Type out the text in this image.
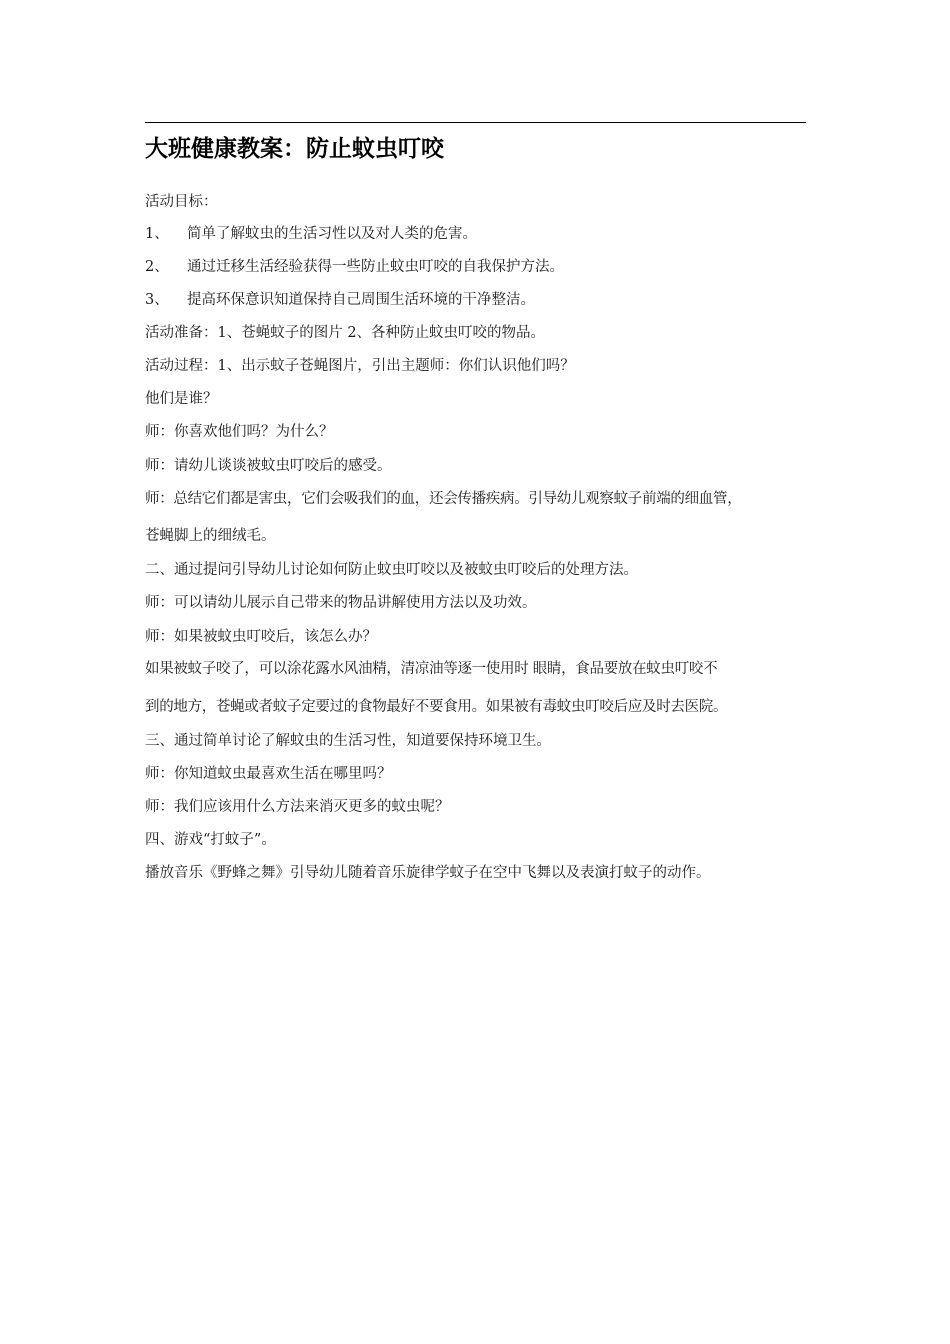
大班健康教案：防止蚊虫叮咬
活动目标：
1、 简单了解蚊虫的生活习性以及对人类的危害。
2、 通过迁移生活经验获得一些防止蚊虫叮咬的自我保护方法。
3、 提高环保意识知道保持自己周围生活环境的干净整洁。
活动准备：1、苍蝇蚊子的图片 2、各种防止蚊虫叮咬的物品。
活动过程：1、出示蚊子苍蝇图片，引出主题师：你们认识他们吗？
他们是谁？
师：你喜欢他们吗？为什么？
师：请幼儿谈谈被蚊虫叮咬后的感受。
师：总结它们都是害虫，它们会吸我们的血，还会传播疾病。引导幼儿观察蚊子前端的细血管，
苍蝇脚上的细绒毛。
二、通过提问引导幼儿讨论如何防止蚊虫叮咬以及被蚊虫叮咬后的处理方法。
师：可以请幼儿展示自己带来的物品讲解使用方法以及功效。
师：如果被蚊虫叮咬后，该怎么办？
如果被蚊子咬了，可以涂花露水风油精，清凉油等逐一使用时 眼睛，食品要放在蚊虫叮咬不
到的地方，苍蝇或者蚊子定要过的食物最好不要食用。如果被有毒蚊虫叮咬后应及时去医院。
三、通过简单讨论了解蚊虫的生活习性，知道要保持环境卫生。
师：你知道蚊虫最喜欢生活在哪里吗？
师：我们应该用什么方法来消灭更多的蚊虫呢？
四、游戏“打蚊子”。
播放音乐《野蜂之舞》引导幼儿随着音乐旋律学蚊子在空中飞舞以及表演打蚊子的动作。
